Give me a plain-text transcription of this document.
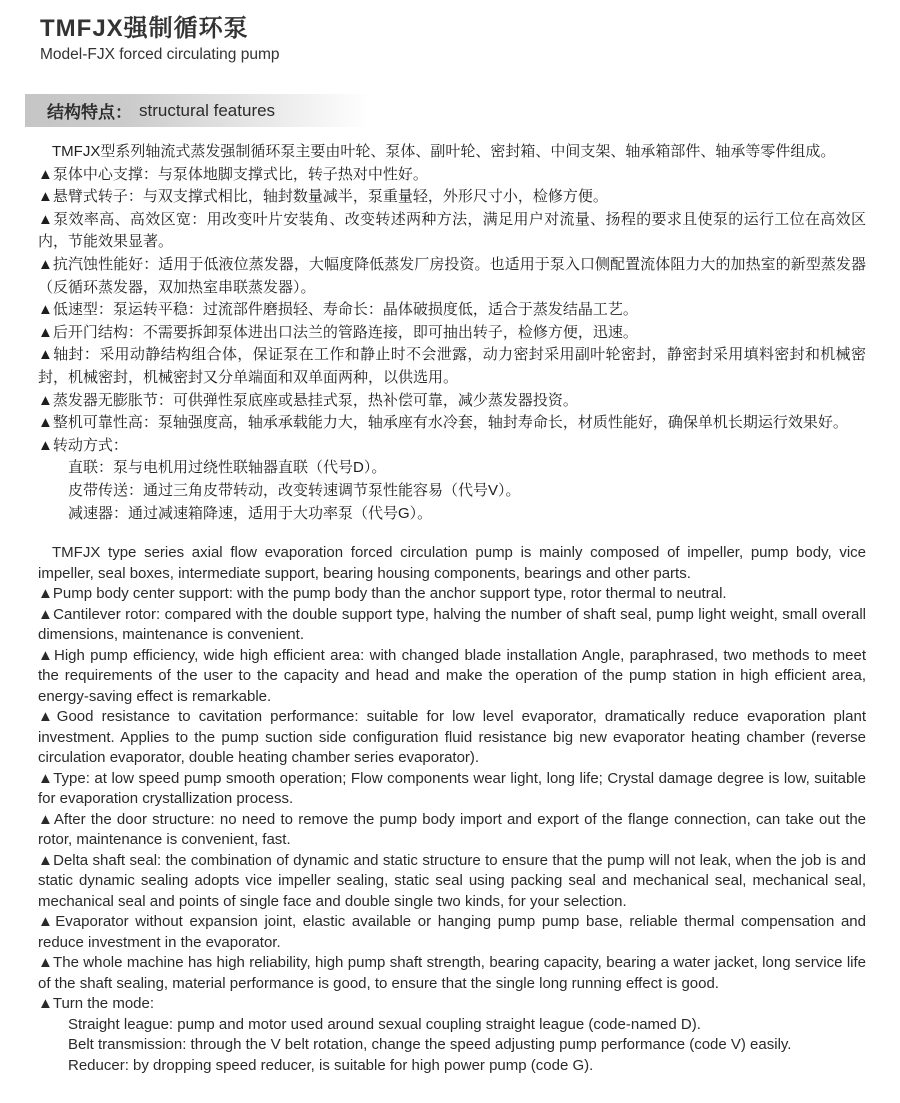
TMFJX强制循环泵
Model-FJX forced circulating pump
结构特点： structural features

TMFJX型系列轴流式蒸发强制循环泵主要由叶轮、泵体、副叶轮、密封箱、中间支架、轴承箱部件、轴承等零件组成。

▲泵体中心支撑：与泵体地脚支撑式比，转子热对中性好。

▲悬臂式转子：与双支撑式相比，轴封数量减半，泵重量轻，外形尺寸小，检修方便。

▲泵效率高、高效区宽：用改变叶片安装角、改变转述两种方法，满足用户对流量、扬程的要求且使泵的运行工位在高效区内，节能效果显著。

▲抗汽蚀性能好：适用于低液位蒸发器，大幅度降低蒸发厂房投资。也适用于泵入口侧配置流体阻力大的加热室的新型蒸发器（反循环蒸发器，双加热室串联蒸发器）。

▲低速型：泵运转平稳：过流部件磨损轻、寿命长：晶体破损度低，适合于蒸发结晶工艺。

▲后开门结构：不需要拆卸泵体进出口法兰的管路连接，即可抽出转子，检修方便，迅速。

▲轴封：采用动静结构组合体，保证泵在工作和静止时不会泄露，动力密封采用副叶轮密封，静密封采用填料密封和机械密封，机械密封，机械密封又分单端面和双单面两种，以供选用。

▲蒸发器无膨胀节：可供弹性泵底座或悬挂式泵，热补偿可靠，减少蒸发器投资。

▲整机可靠性高：泵轴强度高，轴承承载能力大，轴承座有水冷套，轴封寿命长，材质性能好，确保单机长期运行效果好。

▲转动方式：

直联：泵与电机用过绕性联轴器直联（代号D）。

皮带传送：通过三角皮带转动，改变转速调节泵性能容易（代号V）。

减速器：通过减速箱降速，适用于大功率泵（代号G）。

TMFJX type series axial flow evaporation forced circulation pump is mainly composed of impeller, pump body, vice impeller, seal boxes, intermediate support, bearing housing components, bearings and other parts.

▲Pump body center support: with the pump body than the anchor support type, rotor thermal to neutral.

▲Cantilever rotor: compared with the double support type, halving the number of shaft seal, pump light weight, small overall dimensions, maintenance is convenient.

▲High pump efficiency, wide high efficient area: with changed blade installation Angle, paraphrased, two methods to meet the requirements of the user to the capacity and head and make the operation of the pump station in high efficient area, energy-saving effect is remarkable.

▲Good resistance to cavitation performance: suitable for low level evaporator, dramatically reduce evaporation plant investment. Applies to the pump suction side configuration fluid resistance big new evaporator heating chamber (reverse circulation evaporator, double heating chamber series evaporator).

▲Type: at low speed pump smooth operation; Flow components wear light, long life; Crystal damage degree is low, suitable for evaporation crystallization process.

▲After the door structure: no need to remove the pump body import and export of the flange connection, can take out the rotor, maintenance is convenient, fast.

▲Delta shaft seal: the combination of dynamic and static structure to ensure that the pump will not leak, when the job is and static dynamic sealing adopts vice impeller sealing, static seal using packing seal and mechanical seal, mechanical seal, mechanical seal and points of single face and double single two kinds, for your selection.

▲Evaporator without expansion joint, elastic available or hanging pump pump base, reliable thermal compensation and reduce investment in the evaporator.

▲The whole machine has high reliability, high pump shaft strength, bearing capacity, bearing a water jacket, long service life of the shaft sealing, material performance is good, to ensure that the single long running effect is good.

▲Turn the mode:

Straight league: pump and motor used around sexual coupling straight league (code-named D).

Belt transmission: through the V belt rotation, change the speed adjusting pump performance (code V) easily.

Reducer: by dropping speed reducer, is suitable for high power pump (code G).
